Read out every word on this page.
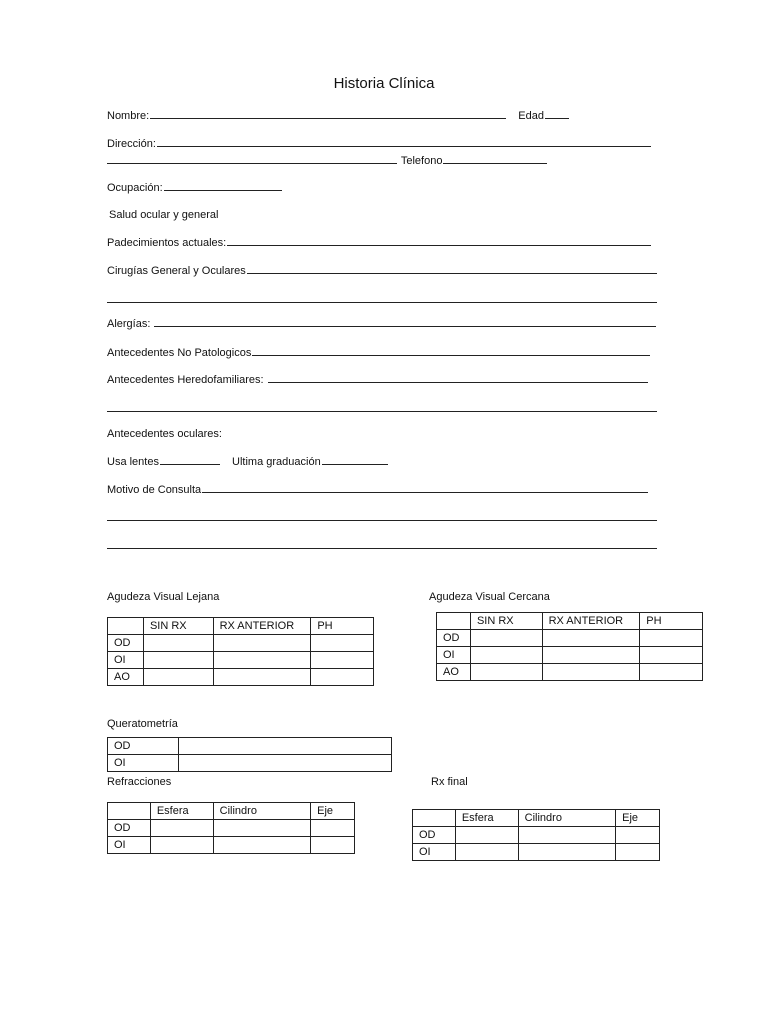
Historia Clínica
Nombre:	Edad
Dirección:
Telefono
Ocupación:
Salud ocular y general
Padecimientos actuales:
Cirugías General y Oculares
Alergías:
Antecedentes No Patologicos
Antecedentes Heredofamiliares:
Antecedentes oculares:
Usa lentes	Ultima graduación
Motivo de Consulta
Agudeza Visual Lejana
	SIN RX	RX ANTERIOR	PH
OD			
OI			
AO			
Agudeza Visual Cercana
	SIN RX	RX ANTERIOR	PH
OD			
OI			
AO			
Queratometría
OD	
OI	
Refracciones
	Esfera	Cilindro	Eje
OD			
OI			
Rx final
	Esfera	Cilindro	Eje
OD			
OI			
